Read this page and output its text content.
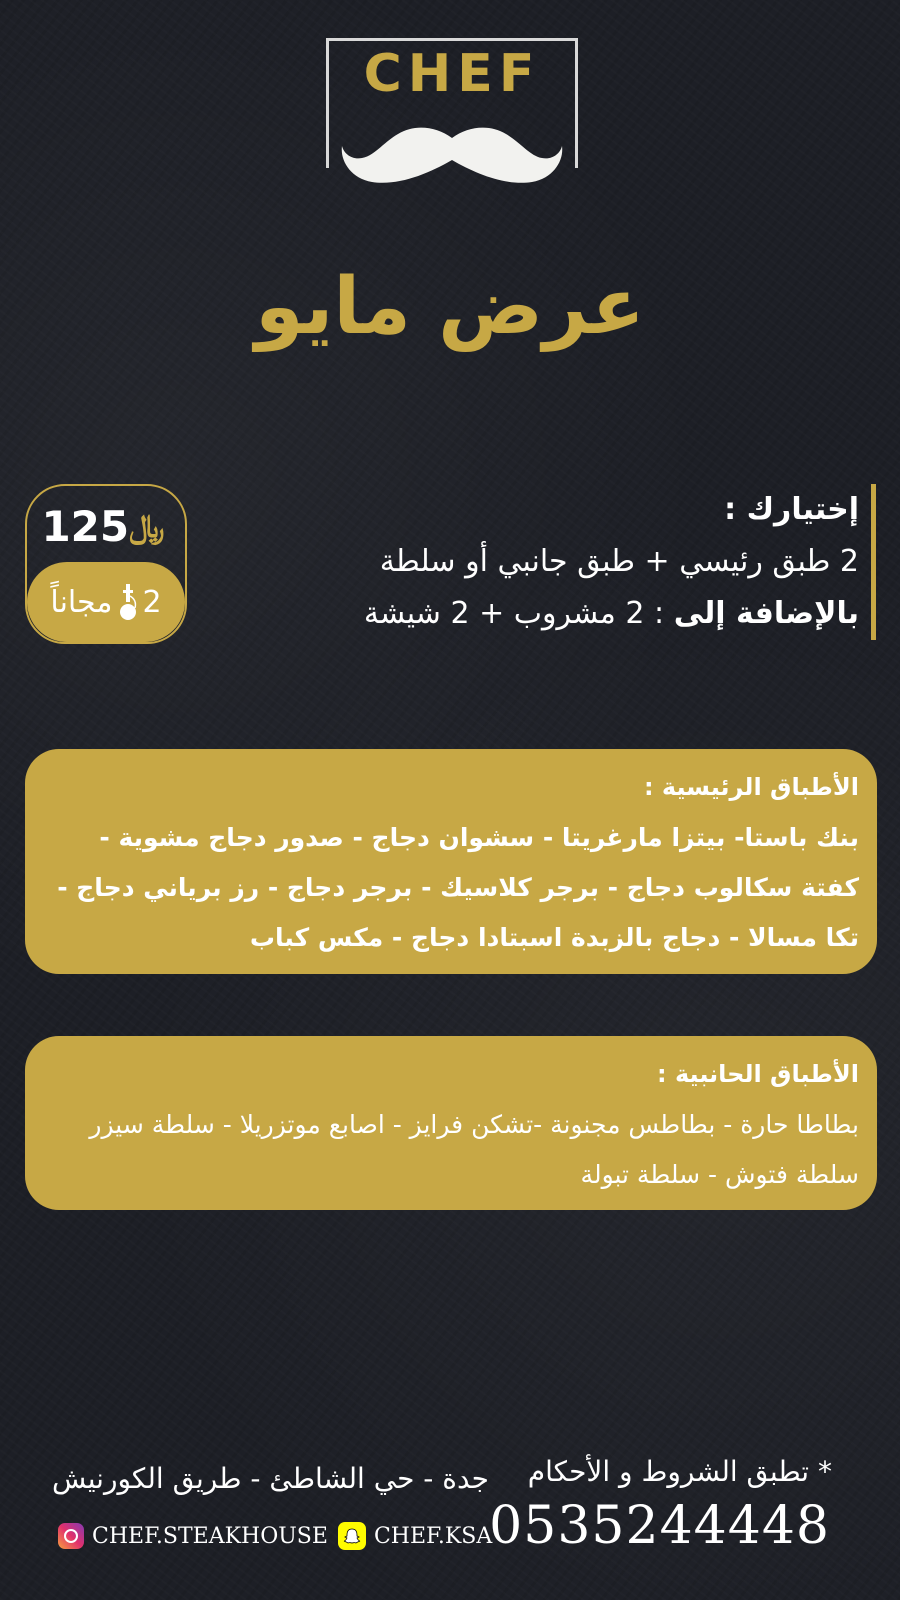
CHEF
عرض مايو
إختيارك :
2 طبق رئيسي + طبق جانبي أو سلطة
بالإضافة إلى : 2 مشروب + 2 شيشة
125 ﷼
2
مجاناً
الأطباق الرئيسية :
بنك باستا- بيتزا مارغريتا - سشوان دجاج - صدور دجاج مشوية - كفتة سكالوب دجاج - برجر كلاسيك - برجر دجاج - رز برياني دجاج - تكا مسالا - دجاج بالزبدة اسبتادا دجاج - مكس كباب
الأطباق الحانبية :
بطاطا حارة - بطاطس مجنونة -تشكن فرايز - اصابع موتزريلا - سلطة سيزر سلطة فتوش - سلطة تبولة
* تطبق الشروط و الأحكام
0535244448
جدة - حي الشاطئ - طريق الكورنيش
CHEF.STEAKHOUSE CHEF.KSA
